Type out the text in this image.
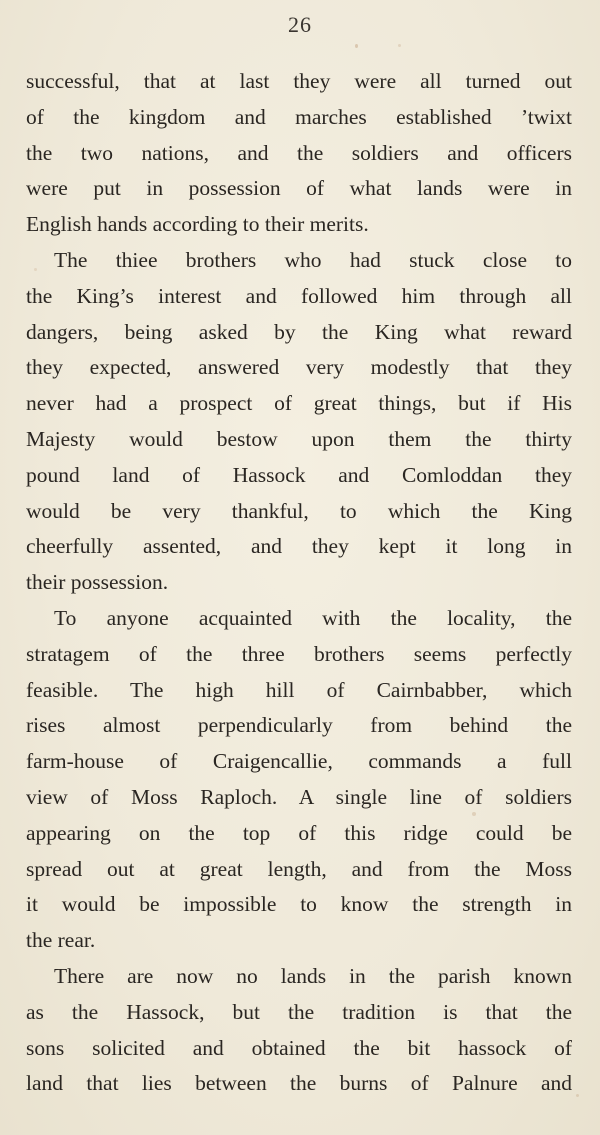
26
successful, that at last they were all turned out
of the kingdom and marches established ’twixt
the two nations, and the soldiers and officers
were put in possession of what lands were in
English hands according to their merits.
The thiee brothers who had stuck close to
the King’s interest and followed him through all
dangers, being asked by the King what reward
they expected, answered very modestly that they
never had a prospect of great things, but if His
Majesty would bestow upon them the thirty
pound land of Hassock and Comloddan they
would be very thankful, to which the King
cheerfully assented, and they kept it long in
their possession.
To anyone acquainted with the locality, the
stratagem of the three brothers seems perfectly
feasible. The high hill of Cairnbabber, which
rises almost perpendicularly from behind the
farm-house of Craigencallie, commands a full
view of Moss Raploch. A single line of soldiers
appearing on the top of this ridge could be
spread out at great length, and from the Moss
it would be impossible to know the strength in
the rear.
There are now no lands in the parish known
as the Hassock, but the tradition is that the
sons solicited and obtained the bit hassock of
land that lies between the burns of Palnure and
